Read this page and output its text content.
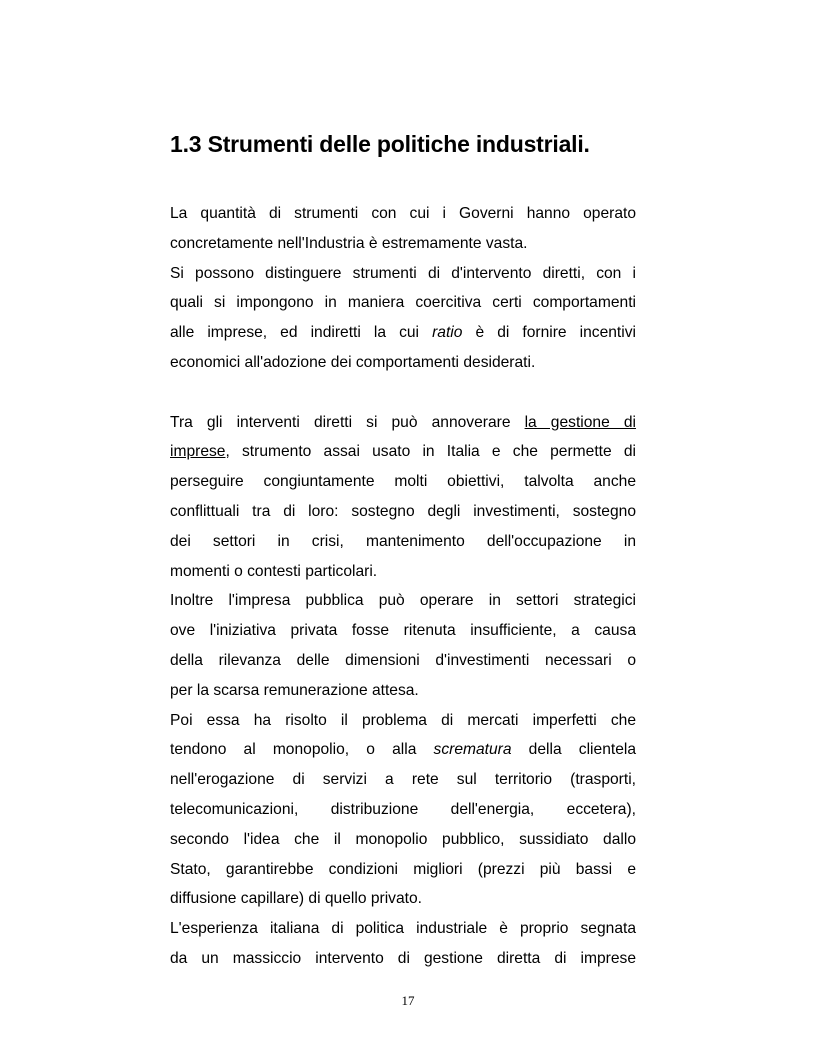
1.3 Strumenti delle politiche industriali.
La quantità di strumenti con cui i Governi hanno operato
concretamente nell'Industria è estremamente vasta.
Si possono distinguere strumenti di d'intervento diretti, con i
quali si impongono in maniera coercitiva certi comportamenti
alle imprese, ed indiretti la cui ratio è di fornire incentivi
economici all'adozione dei comportamenti desiderati.
Tra gli interventi diretti si può annoverare la gestione di
imprese, strumento assai usato in Italia e che permette di
perseguire congiuntamente molti obiettivi, talvolta anche
conflittuali tra di loro: sostegno degli investimenti, sostegno
dei settori in crisi, mantenimento dell'occupazione in
momenti o contesti particolari.
Inoltre l'impresa pubblica può operare in settori strategici
ove l'iniziativa privata fosse ritenuta insufficiente, a causa
della rilevanza delle dimensioni d'investimenti necessari o
per la scarsa remunerazione attesa.
Poi essa ha risolto il problema di mercati imperfetti che
tendono al monopolio, o alla scrematura della clientela
nell'erogazione di servizi a rete sul territorio (trasporti,
telecomunicazioni, distribuzione dell'energia, eccetera),
secondo l'idea che il monopolio pubblico, sussidiato dallo
Stato, garantirebbe condizioni migliori (prezzi più bassi e
diffusione capillare) di quello privato.
L'esperienza italiana di politica industriale è proprio segnata
da un massiccio intervento di gestione diretta di imprese
17
